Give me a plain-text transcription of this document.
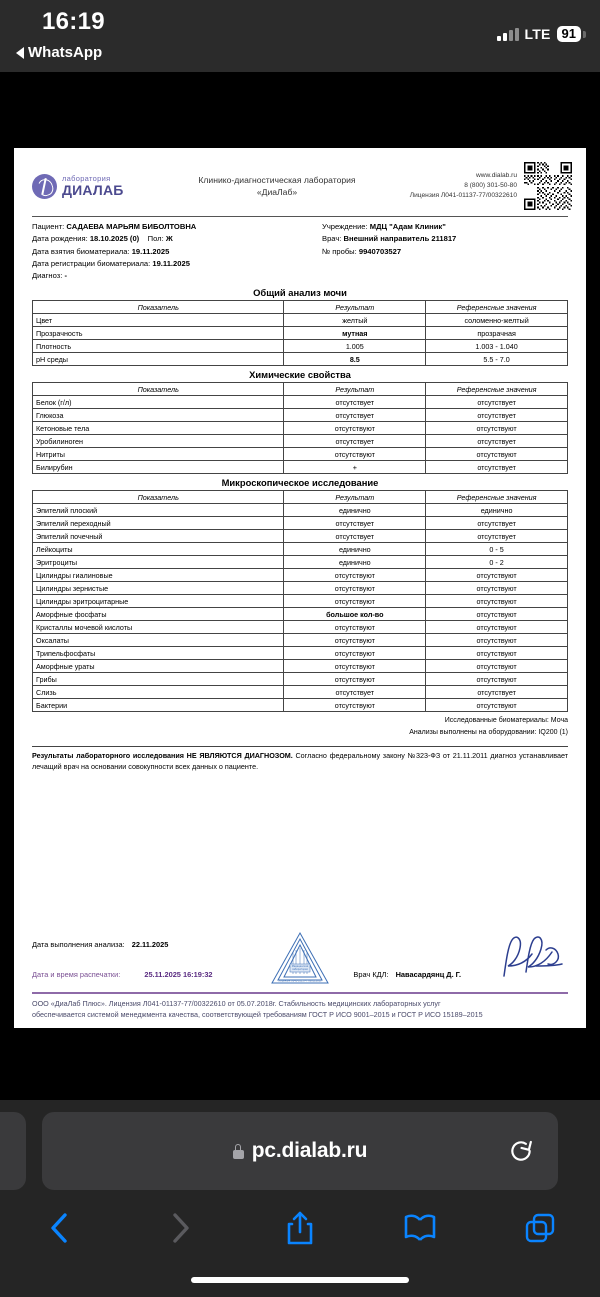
16:19
WhatsApp
LTE 91
лаборатория
ДИАЛАБ
Клинико-диагностическая лаборатория
«ДиаЛаб»
www.dialab.ru
8 (800) 301-50-80
Лицензия Л041-01137-77/00322610
Пациент: САДАЕВА МАРЬЯМ БИБОЛТОВНА
Дата рождения: 18.10.2025 (0) Пол: Ж
Дата взятия биоматериала: 19.11.2025
Дата регистрации биоматериала: 19.11.2025
Диагноз: -
Учреждение: МДЦ "Адам Клиник"
Врач: Внешний направитель 211817
№ пробы: 9940703527
Общий анализ мочи
Показатель	Результат	Референсные значения
Цвет	желтый	соломенно-желтый
Прозрачность	мутная	прозрачная
Плотность	1.005	1.003 - 1.040
pH среды	8.5	5.5 - 7.0
Химические свойства
Показатель	Результат	Референсные значения
Белок (г/л)	отсутствует	отсутствует
Глюкоза	отсутствует	отсутствует
Кетоновые тела	отсутствуют	отсутствуют
Уробилиноген	отсутствует	отсутствует
Нитриты	отсутствуют	отсутствуют
Билирубин	+	отсутствует
Микроскопическое исследование
Показатель	Результат	Референсные значения
Эпителий плоский	единично	единично
Эпителий переходный	отсутствует	отсутствует
Эпителий почечный	отсутствует	отсутствует
Лейкоциты	единично	0 - 5
Эритроциты	единично	0 - 2
Цилиндры гиалиновые	отсутствуют	отсутствуют
Цилиндры зернистые	отсутствуют	отсутствуют
Цилиндры эритроцитарные	отсутствуют	отсутствуют
Аморфные фосфаты	большое кол-во	отсутствуют
Кристаллы мочевой кислоты	отсутствуют	отсутствуют
Оксалаты	отсутствуют	отсутствуют
Трипельфосфаты	отсутствуют	отсутствуют
Аморфные ураты	отсутствуют	отсутствуют
Грибы	отсутствуют	отсутствуют
Слизь	отсутствует	отсутствует
Бактерии	отсутствуют	отсутствуют
Исследованные биоматериалы: Моча
Анализы выполнены на оборудовании: IQ200 (1)
Результаты лабораторного исследования НЕ ЯВЛЯЮТСЯ ДИАГНОЗОМ. Согласно федеральному закону №323-ФЗ от 21.11.2011 диагноз устанавливает лечащий врач на основании совокупности всех данных о пациенте.
Дата выполнения анализа: 22.11.2025
Дата и время распечатки:	25.11.2025 16:19:32	Врач КДЛ: Навасардянц Д. Г.
Медицинская
лаборатория
Лицензия Л041-01137-77/00322610
ООО «ДиаЛаб Плюс». Лицензия Л041-01137-77/00322610 от 05.07.2018г. Стабильность медицинских лабораторных услуг
обеспечивается системой менеджмента качества, соответствующей требованиям ГОСТ Р ИСО 9001–2015 и ГОСТ Р ИСО 15189–2015
pc.dialab.ru
